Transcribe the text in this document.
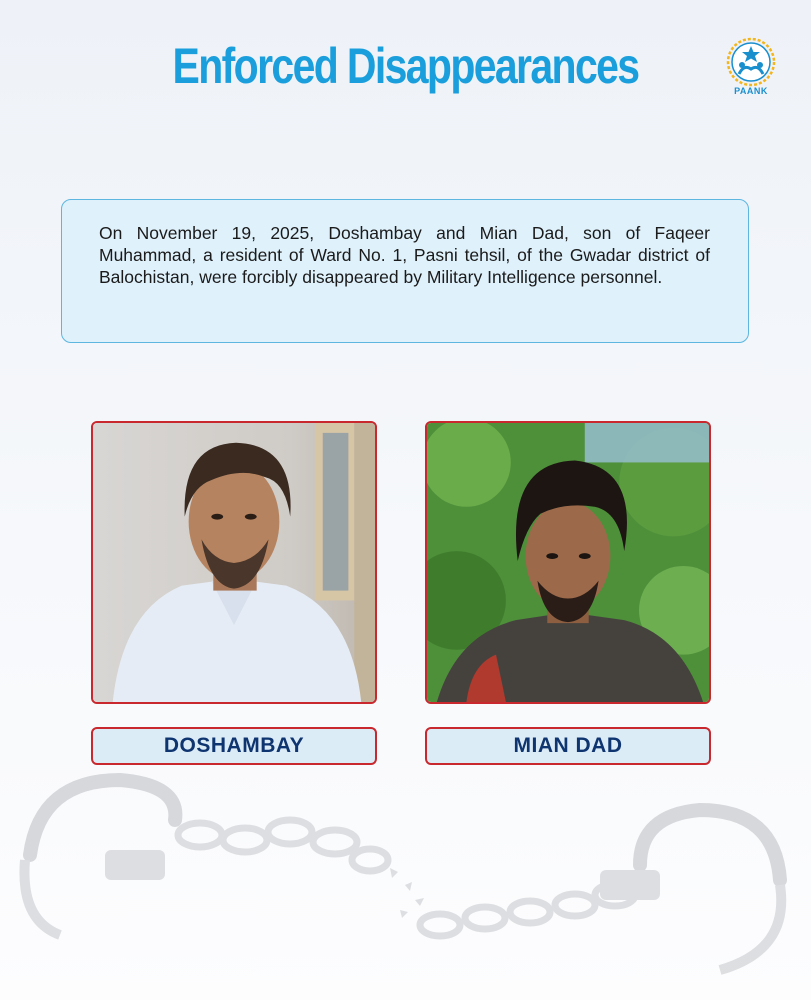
Enforced Disappearances	PAANK

On November 19, 2025, Doshambay and Mian Dad, son of Faqeer Muhammad, a resident of Ward No. 1, Pasni tehsil, of the Gwadar district of Balochistan, were forcibly disappeared by Military Intelligence personnel.

DOSHAMBAY	MIAN DAD
